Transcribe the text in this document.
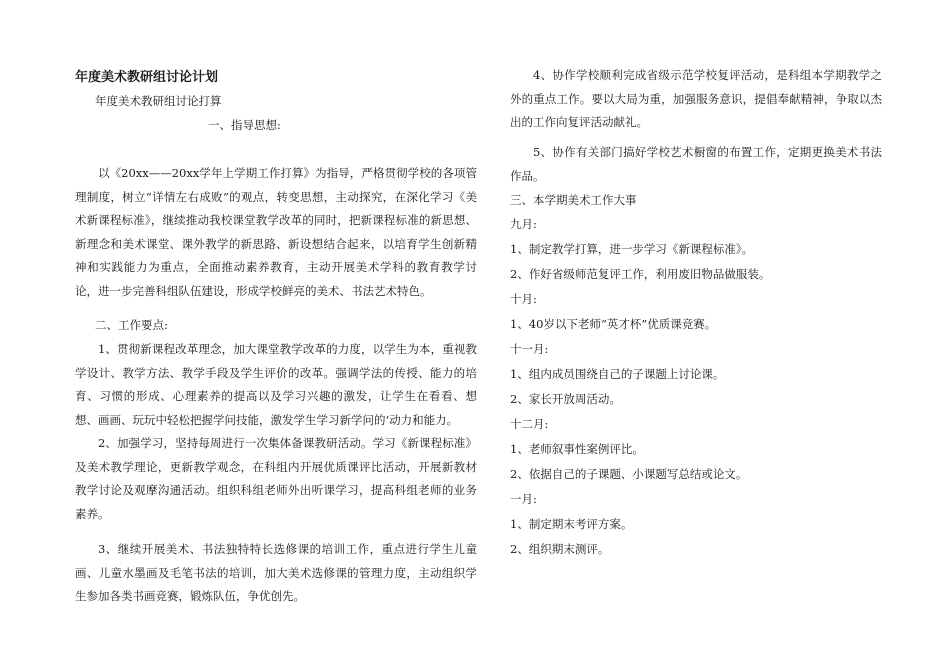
年度美术教研组讨论计划
年度美术教研组讨论打算
一、指导思想:
以《20xx——20xx学年上学期工作打算》为指导，严格贯彻学校的各项管理制度，树立“详情左右成败”的观点，转变思想，主动探究，在深化学习《美术新课程标准》，继续推动我校课堂教学改革的同时，把新课程标准的新思想、新理念和美术课堂、课外教学的新思路、新设想结合起来，以培育学生创新精神和实践能力为重点，全面推动素养教育，主动开展美术学科的教育教学讨论，进一步完善科组队伍建设，形成学校鲜亮的美术、书法艺术特色。
二、工作要点:
1、贯彻新课程改革理念，加大课堂教学改革的力度，以学生为本，重视教学设计、教学方法、教学手段及学生评价的改革。强调学法的传授、能力的培育、习惯的形成、心理素养的提高以及学习兴趣的激发，让学生在看看、想想、画画、玩玩中轻松把握学问技能，激发学生学习新学问的‘动力和能力。
2、加强学习，坚持每周进行一次集体备课教研活动。学习《新课程标准》及美术教学理论，更新教学观念，在科组内开展优质课评比活动，开展新教材教学讨论及观摩沟通活动。组织科组老师外出听课学习，提高科组老师的业务素养。
3、继续开展美术、书法独特特长选修课的培训工作，重点进行学生儿童画、儿童水墨画及毛笔书法的培训，加大美术选修课的管理力度，主动组织学生参加各类书画竞赛，锻炼队伍，争优创先。
4、协作学校顺利完成省级示范学校复评活动，是科组本学期教学之外的重点工作。要以大局为重，加强服务意识，提倡奉献精神，争取以杰出的工作向复评活动献礼。
5、协作有关部门搞好学校艺术橱窗的布置工作，定期更换美术书法作品。
三、本学期美术工作大事
九月:
1、制定教学打算，进一步学习《新课程标准》。
2、作好省级师范复评工作，利用废旧物品做服装。
十月:
1、40岁以下老师“英才杯”优质课竞赛。
十一月:
1、组内成员围绕自己的子课题上讨论课。
2、家长开放周活动。
十二月:
1、老师叙事性案例评比。
2、依据自己的子课题、小课题写总结或论文。
一月:
1、制定期末考评方案。
2、组织期末测评。
